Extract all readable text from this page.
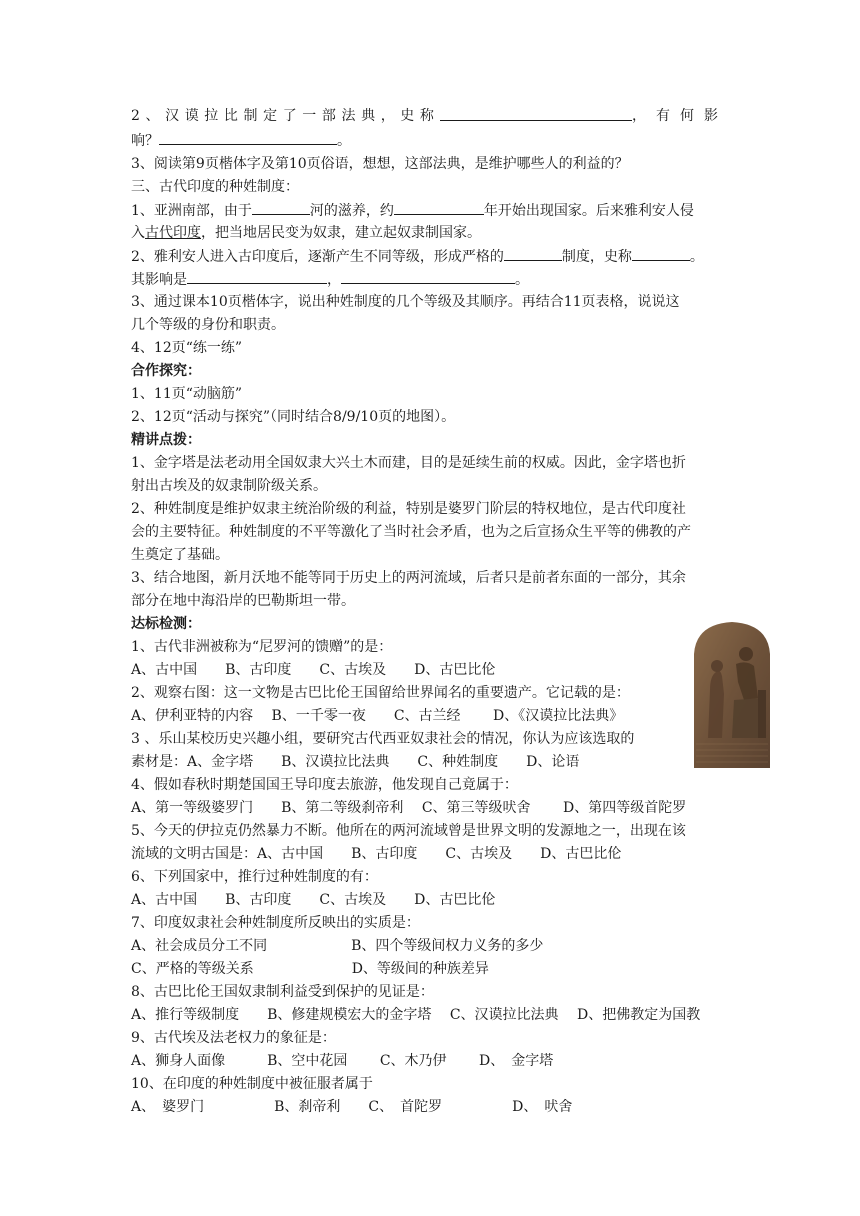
2、汉谟拉比制定了一部法典，史称	，有何影
响？	。
3、阅读第9页楷体字及第10页俗语，想想，这部法典，是维护哪些人的利益的？
三、古代印度的种姓制度：
1、亚洲南部，由于	河的滋养，约	年开始出现国家。后来雅利安人侵
入古代印度，把当地居民变为奴隶，建立起奴隶制国家。
2、雅利安人进入古印度后，逐渐产生不同等级，形成严格的	制度，史称	。
其影响是	，	。
3、通过课本10页楷体字，说出种姓制度的几个等级及其顺序。再结合11页表格，说说这
几个等级的身份和职责。
4、12页“练一练”
合作探究：
1、11页“动脑筋”
2、12页“活动与探究”（同时结合8/9/10页的地图）。
精讲点拨：
1、金字塔是法老动用全国奴隶大兴土木而建，目的是延续生前的权威。因此，金字塔也折
射出古埃及的奴隶制阶级关系。
2、种姓制度是维护奴隶主统治阶级的利益，特别是婆罗门阶层的特权地位，是古代印度社
会的主要特征。种姓制度的不平等激化了当时社会矛盾，也为之后宣扬众生平等的佛教的产
生奠定了基础。
3、结合地图，新月沃地不能等同于历史上的两河流域，后者只是前者东面的一部分，其余
部分在地中海沿岸的巴勒斯坦一带。
达标检测：
1、古代非洲被称为“尼罗河的馈赠”的是：
A、古中国　　B、古印度　　C、古埃及　　D、古巴比伦
2、观察右图：这一文物是古巴比伦王国留给世界闻名的重要遗产。它记载的是：
A、伊利亚特的内容　 B、一千零一夜　　C、古兰经　　 D、《汉谟拉比法典》
3 、乐山某校历史兴趣小组，要研究古代西亚奴隶社会的情况，你认为应该选取的
素材是：A、金字塔　　B、汉谟拉比法典　　C、种姓制度　　D、论语
4、假如春秋时期楚国国王导印度去旅游，他发现自己竟属于：
A、第一等级婆罗门　　B、第二等级刹帝利　 C、第三等级吠舍　　 D、第四等级首陀罗
5、今天的伊拉克仍然暴力不断。他所在的两河流域曾是世界文明的发源地之一，出现在该
流域的文明古国是：A、古中国　　B、古印度　　C、古埃及　　D、古巴比伦
6、下列国家中，推行过种姓制度的有：
A、古中国　　B、古印度　　C、古埃及　　D、古巴比伦
7、印度奴隶社会种姓制度所反映出的实质是：
A、社会成员分工不同　　　　　　B、四个等级间权力义务的多少
C、严格的等级关系　　　　　　　D、等级间的种族差异
8、古巴比伦王国奴隶制利益受到保护的见证是：
A、推行等级制度　　B、修建规模宏大的金字塔　 C、汉谟拉比法典　 D、把佛教定为国教
9、古代埃及法老权力的象征是：
A、狮身人面像　　　B、空中花园　　 C、木乃伊　　 D、　金字塔
10、在印度的种姓制度中被征服者属于
A、　婆罗门　　　　　B、刹帝利　　C、　首陀罗　　　　　D、　吠舍
